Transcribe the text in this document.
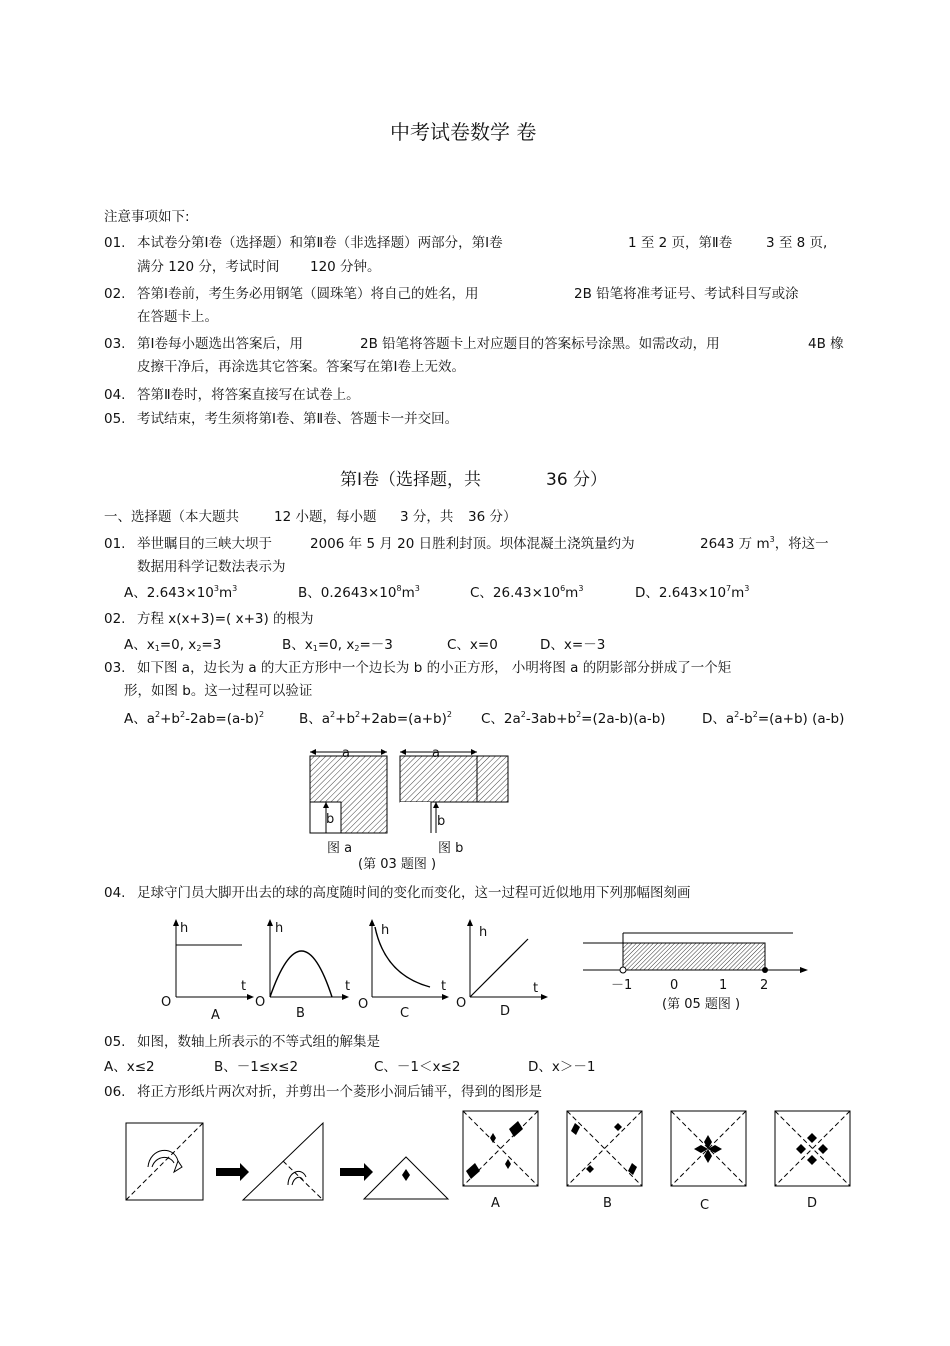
中考试卷数学 卷
注意事项如下:
01. 本试卷分第Ⅰ卷（选择题）和第Ⅱ卷（非选择题）两部分，第Ⅰ卷	1 至 2 页，第Ⅱ卷	3 至 8 页,
满分 120 分，考试时间 120 分钟。
02. 答第Ⅰ卷前，考生务必用钢笔（圆珠笔）将自己的姓名，用	2B 铅笔将准考证号、考试科目写或涂
在答题卡上。
03. 第Ⅰ卷每小题选出答案后，用	2B 铅笔将答题卡上对应题目的答案标号涂黑。如需改动，用	4B 橡
皮擦干净后，再涂选其它答案。答案写在第Ⅰ卷上无效。
04. 答第Ⅱ卷时，将答案直接写在试卷上。
05. 考试结束，考生须将第Ⅰ卷、第Ⅱ卷、答题卡一并交回。
第Ⅰ卷（选择题，共	36 分）
一、选择题（本大题共	12 小题，每小题 3 分，共 36 分）
01. 举世瞩目的三峡大坝于	2006 年 5 月 20 日胜利封顶。坝体混凝土浇筑量约为	2643 万 $m^3$，将这一
数据用科学记数法表示为
A、$2.643\times 10^3m^3$	B、$0.2643\times 10^8m^3$	C、$26.43\times 10^6m^3$	D、$2.643\times 10^7m^3$
02. 方程 x(x+3)=( x+3) 的根为
A、$x_1=0$, $x_2=3$	B、$x_1=0$, $x_2=-3$	C、x=0	D、x=－3
03. 如下图 a，边长为 a 的大正方形中一个边长为 b 的小正方形， 小明将图 a 的阴影部分拼成了一个矩
形，如图 b。这一过程可以验证
A、$a^2+b^2-2ab=(a-b)^2$	B、$a^2+b^2+2ab=(a+b)^2$ C、$2a^2-3ab+b^2=(2a-b)(a-b)$	D、$a^2-b^2=(a+b)$ (a-b)
a	a
b	b
图 a	图 b
(第 03 题图 )
04. 足球守门员大脚开出去的球的高度随时间的变化而变化，这一过程可近似地用下列那幅图刻画
h
t
O
A
h
t
O
B
h
t
O
C
h
t
O
D
－1	0	1	2
(第 05 题图 )
05. 如图，数轴上所表示的不等式组的解集是
A、x≤2	B、－1≤x≤2	C、－1＜x≤2	D、x＞－1
06. 将正方形纸片两次对折，并剪出一个菱形小洞后铺平，得到的图形是
A	B	C	D
